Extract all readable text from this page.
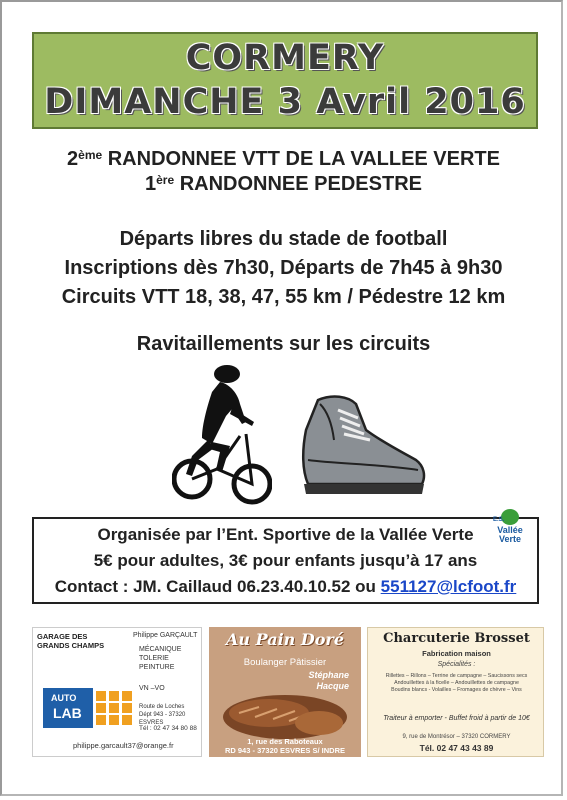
CORMERY
DIMANCHE 3 Avril 2016
2ème RANDONNEE VTT DE LA VALLEE VERTE
1ère RANDONNEE PEDESTRE
Départs libres du stade de football
Inscriptions dès 7h30, Départs de 7h45 à 9h30
Circuits VTT 18, 38, 47, 55 km / Pédestre 12 km
Ravitaillements sur les circuits
Organisée par l’Ent. Sportive de la Vallée Verte
5€ pour adultes, 3€ pour enfants jusqu’à 17 ans
Contact : JM. Caillaud 06.23.40.10.52 ou 551127@lcfoot.fr
E.S.
Vallée
Verte
GARAGE DES GRANDS CHAMPS
Philippe GARÇAULT
MÉCANIQUE
TOLERIE
PEINTURE
VN –VO
Route de Loches
Dépt 943 - 37320 ESVRES
Tél : 02 47 34 80 88
AUTO
LAB
philippe.garcault37@orange.fr
Au Pain Doré
Boulanger Pâtissier
Stéphane
Hacque
1, rue des Raboteaux
RD 943 - 37320 ESVRES S/ INDRE
Charcuterie Brosset
Fabrication maison
Spécialités :
Rillettes – Rillons – Terrine de campagne – Saucissons secs
Andouillettes à la ficelle – Andouillettes de campagne
Boudins blancs - Volailles – Fromages de chèvre – Vins
Traiteur à emporter - Buffet froid à partir de 10€
9, rue de Montrésor – 37320 CORMERY
Tél. 02 47 43 43 89
